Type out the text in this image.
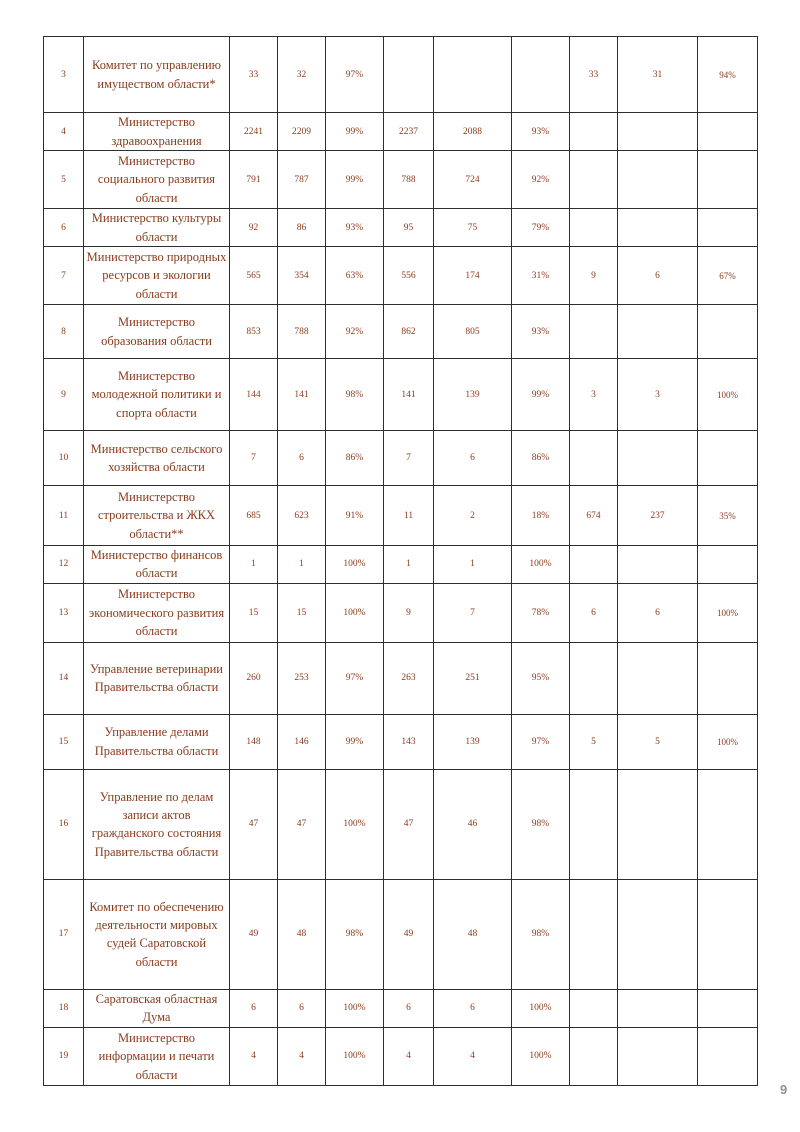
3	Комитет по управлению имуществом области*	33	32	97%				33	31	94%
4	Министерство здравоохранения	2241	2209	99%	2237	2088	93%			
5	Министерство социального развития области	791	787	99%	788	724	92%			
6	Министерство культуры области	92	86	93%	95	75	79%			
7	Министерство природных ресурсов и экологии области	565	354	63%	556	174	31%	9	6	67%
8	Министерство образования области	853	788	92%	862	805	93%			
9	Министерство молодежной политики и спорта области	144	141	98%	141	139	99%	3	3	100%
10	Министерство сельского хозяйства области	7	6	86%	7	6	86%			
11	Министерство строительства и ЖКХ области**	685	623	91%	11	2	18%	674	237	35%
12	Министерство финансов области	1	1	100%	1	1	100%			
13	Министерство экономического развития области	15	15	100%	9	7	78%	6	6	100%
14	Управление ветеринарии Правительства области	260	253	97%	263	251	95%			
15	Управление делами Правительства области	148	146	99%	143	139	97%	5	5	100%
16	Управление по делам записи актов гражданского состояния Правительства области	47	47	100%	47	46	98%			
17	Комитет по обеспечению деятельности мировых судей Саратовской области	49	48	98%	49	48	98%			
18	Саратовская областная Дума	6	6	100%	6	6	100%			
19	Министерство информации и печати области	4	4	100%	4	4	100%			
9
